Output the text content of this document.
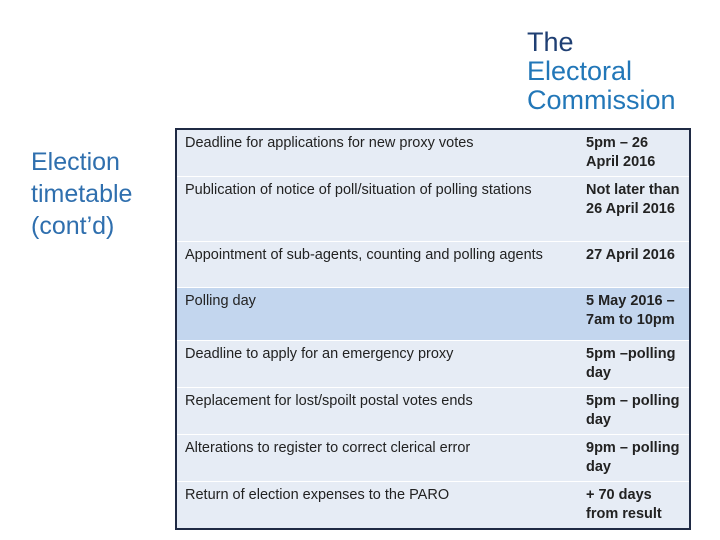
The
Electoral
Commission
Election
timetable
(cont’d)
Deadline for applications for new proxy votes	5pm – 26 April 2016
Publication of notice of poll/situation of polling stations	Not later than 26 April 2016
Appointment of sub-agents, counting and polling agents	27 April 2016
Polling day	5 May 2016 – 7am to 10pm
Deadline to apply for an emergency proxy	5pm –polling day
Replacement for lost/spoilt postal votes ends	5pm – polling day
Alterations to register to correct clerical error	9pm – polling day
Return of election expenses to the PARO	+ 70 days from result
